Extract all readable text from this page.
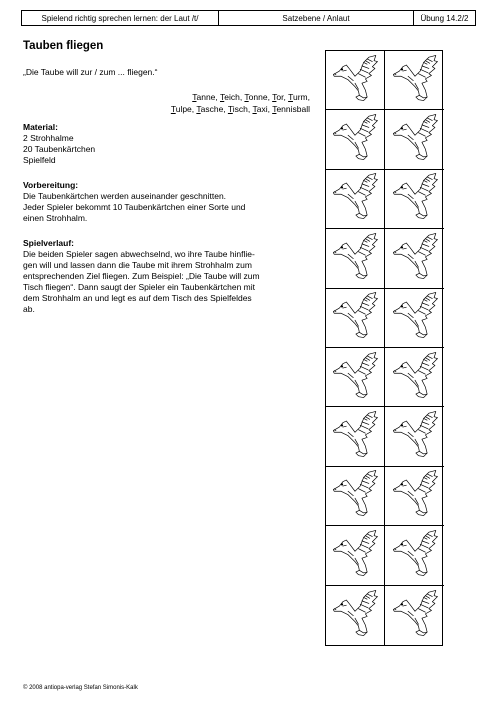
Spielend richtig sprechen lernen: der Laut /t/	Satzebene / Anlaut	Übung 14.2/2
Tauben fliegen
„Die Taube will zur / zum ... fliegen.“
Tanne, Teich, Tonne, Tor, Turm,
Tulpe, Tasche, Tisch, Taxi, Tennisball
Material:
2 Strohhalme
20 Taubenkärtchen
Spielfeld
Vorbereitung:
Die Taubenkärtchen werden auseinander geschnitten.
Jeder Spieler bekommt 10 Taubenkärtchen einer Sorte und
einen Strohhalm.
Spielverlauf:
Die beiden Spieler sagen abwechselnd, wo ihre Taube hinflie-
gen will und lassen dann die Taube mit ihrem Strohhalm zum
entsprechenden Ziel fliegen. Zum Beispiel: „Die Taube will zum
Tisch fliegen“. Dann saugt der Spieler ein Taubenkärtchen mit
dem Strohhalm an und legt es auf dem Tisch des Spielfeldes
ab.
© 2008 antiopa-verlag Stefan Simonis-Kalk
